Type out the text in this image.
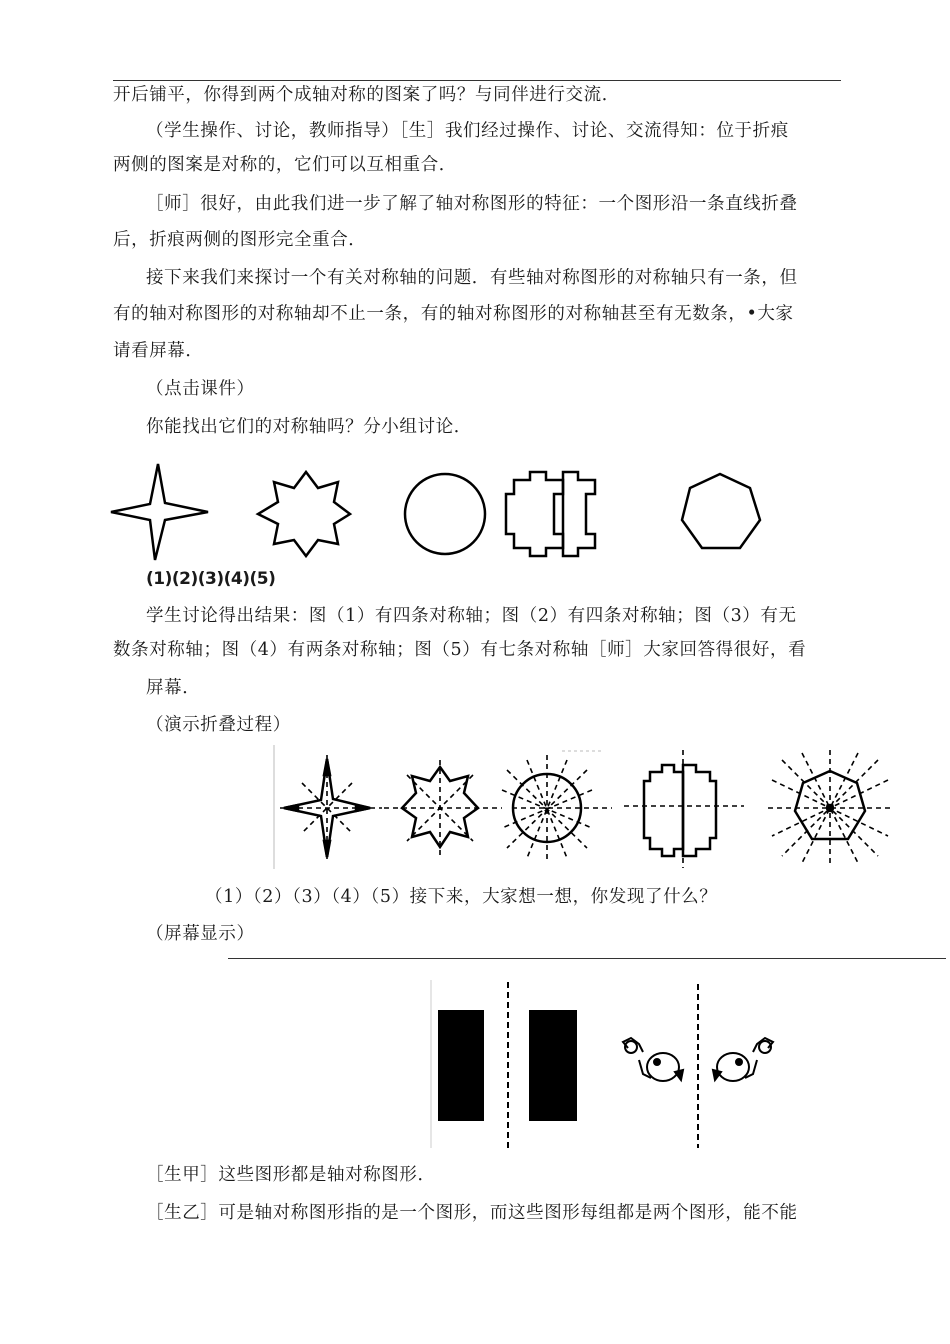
开后铺平，你得到两个成轴对称的图案了吗？与同伴进行交流．
（学生操作、讨论，教师指导）［生］我们经过操作、讨论、交流得知：位于折痕
两侧的图案是对称的，它们可以互相重合．
［师］很好，由此我们进一步了解了轴对称图形的特征：一个图形沿一条直线折叠
后，折痕两侧的图形完全重合．
接下来我们来探讨一个有关对称轴的问题．有些轴对称图形的对称轴只有一条，但
有的轴对称图形的对称轴却不止一条，有的轴对称图形的对称轴甚至有无数条，•大家
请看屏幕．
（点击课件）
你能找出它们的对称轴吗？分小组讨论．
(1)(2)(3)(4)(5)
学生讨论得出结果：图（1）有四条对称轴；图（2）有四条对称轴；图（3）有无
数条对称轴；图（4）有两条对称轴；图（5）有七条对称轴［师］大家回答得很好，看
屏幕．
（演示折叠过程）
（1）（2）（3）（4）（5）接下来，大家想一想，你发现了什么？
（屏幕显示）
［生甲］这些图形都是轴对称图形．
［生乙］可是轴对称图形指的是一个图形，而这些图形每组都是两个图形，能不能
